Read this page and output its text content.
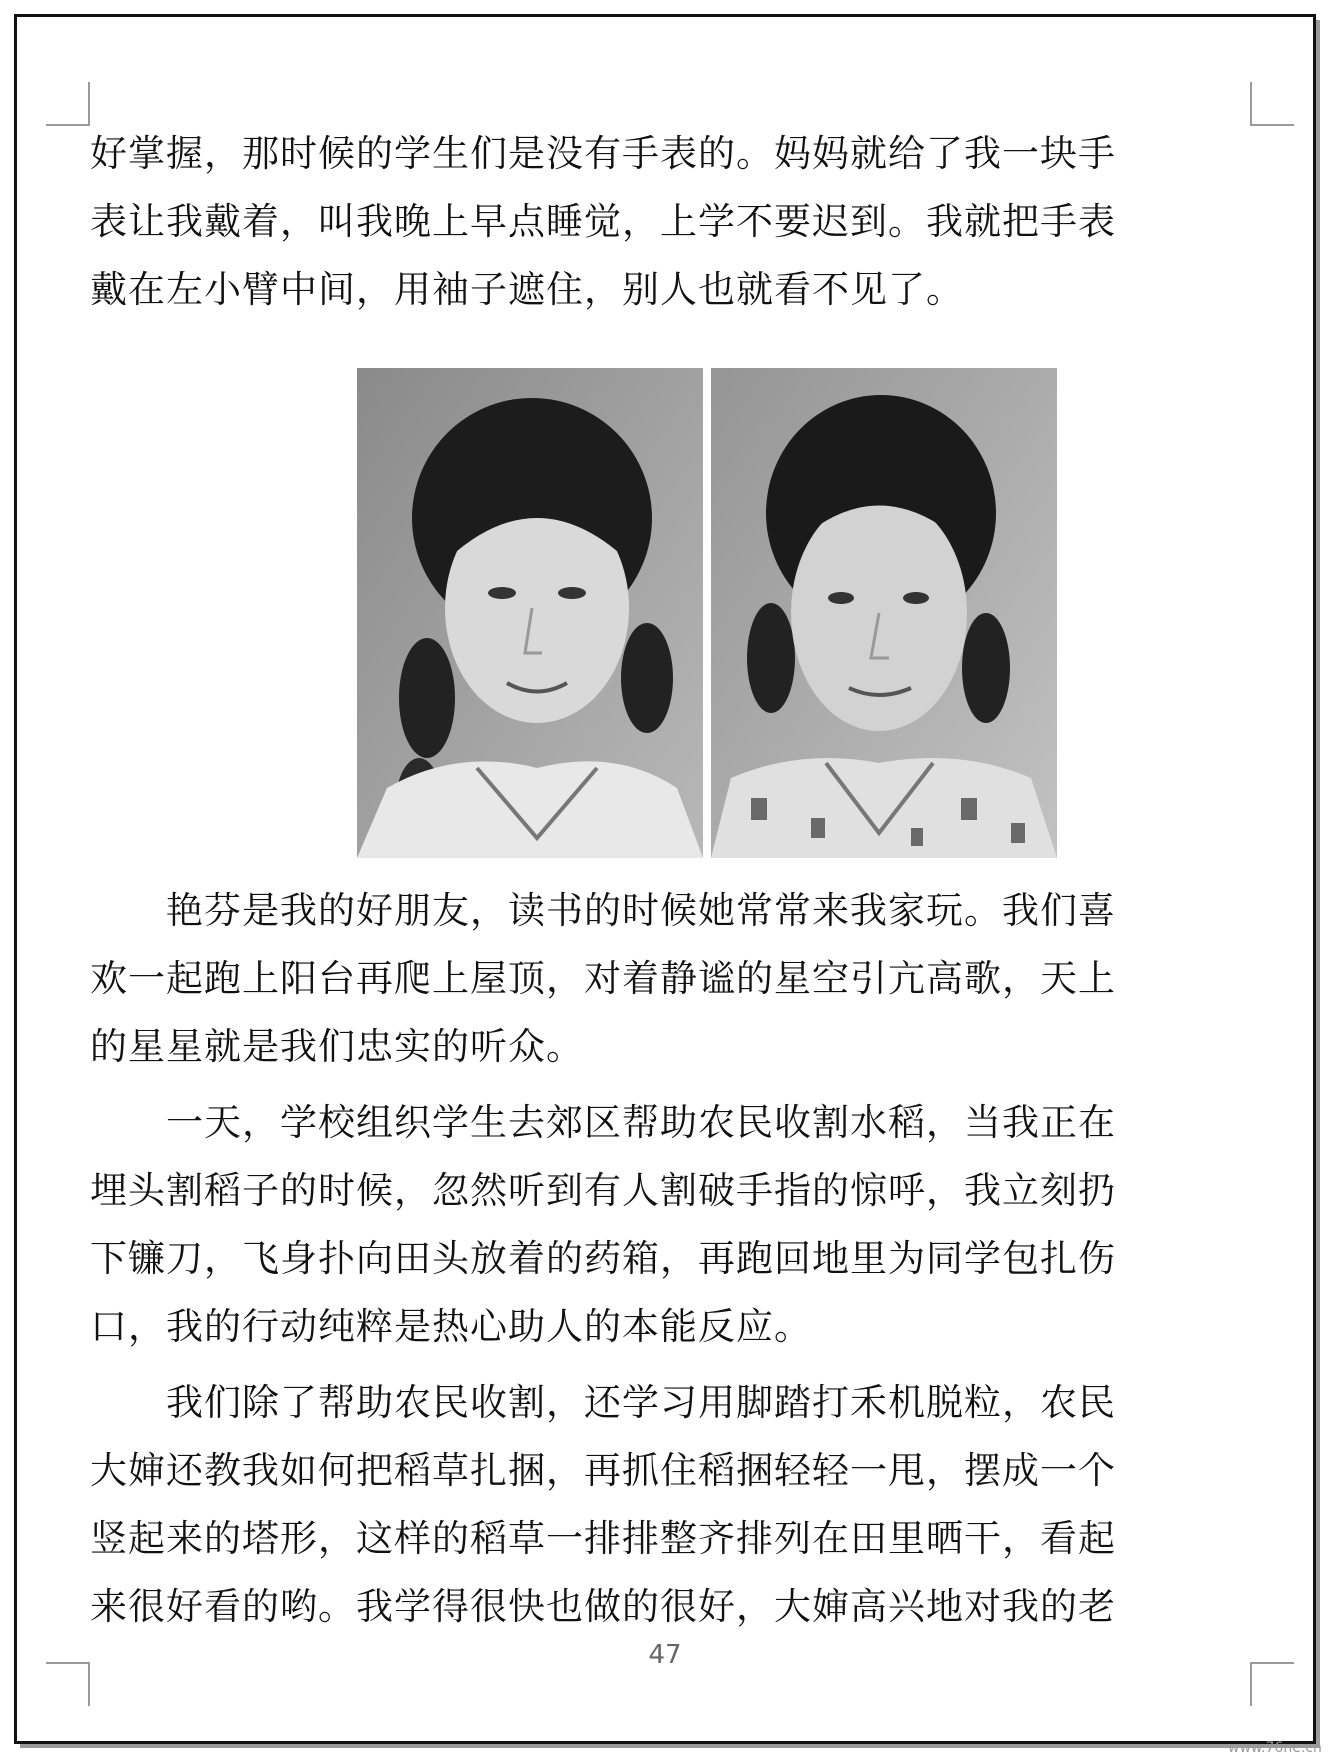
好掌握，那时候的学生们是没有手表的。妈妈就给了我一块手
表让我戴着，叫我晚上早点睡觉，上学不要迟到。我就把手表
戴在左小臂中间，用袖子遮住，别人也就看不见了。
　　艳芬是我的好朋友，读书的时候她常常来我家玩。我们喜
欢一起跑上阳台再爬上屋顶，对着静谧的星空引亢高歌，天上
的星星就是我们忠实的听众。
　　一天，学校组织学生去郊区帮助农民收割水稻，当我正在
埋头割稻子的时候，忽然听到有人割破手指的惊呼，我立刻扔
下镰刀，飞身扑向田头放着的药箱，再跑回地里为同学包扎伤
口，我的行动纯粹是热心助人的本能反应。
　　我们除了帮助农民收割，还学习用脚踏打禾机脱粒，农民
大婶还教我如何把稻草扎捆，再抓住稻捆轻轻一甩，摆成一个
竖起来的塔形，这样的稻草一排排整齐排列在田里晒干，看起
来很好看的哟。我学得很快也做的很好，大婶高兴地对我的老
47
www.76ne.cn
